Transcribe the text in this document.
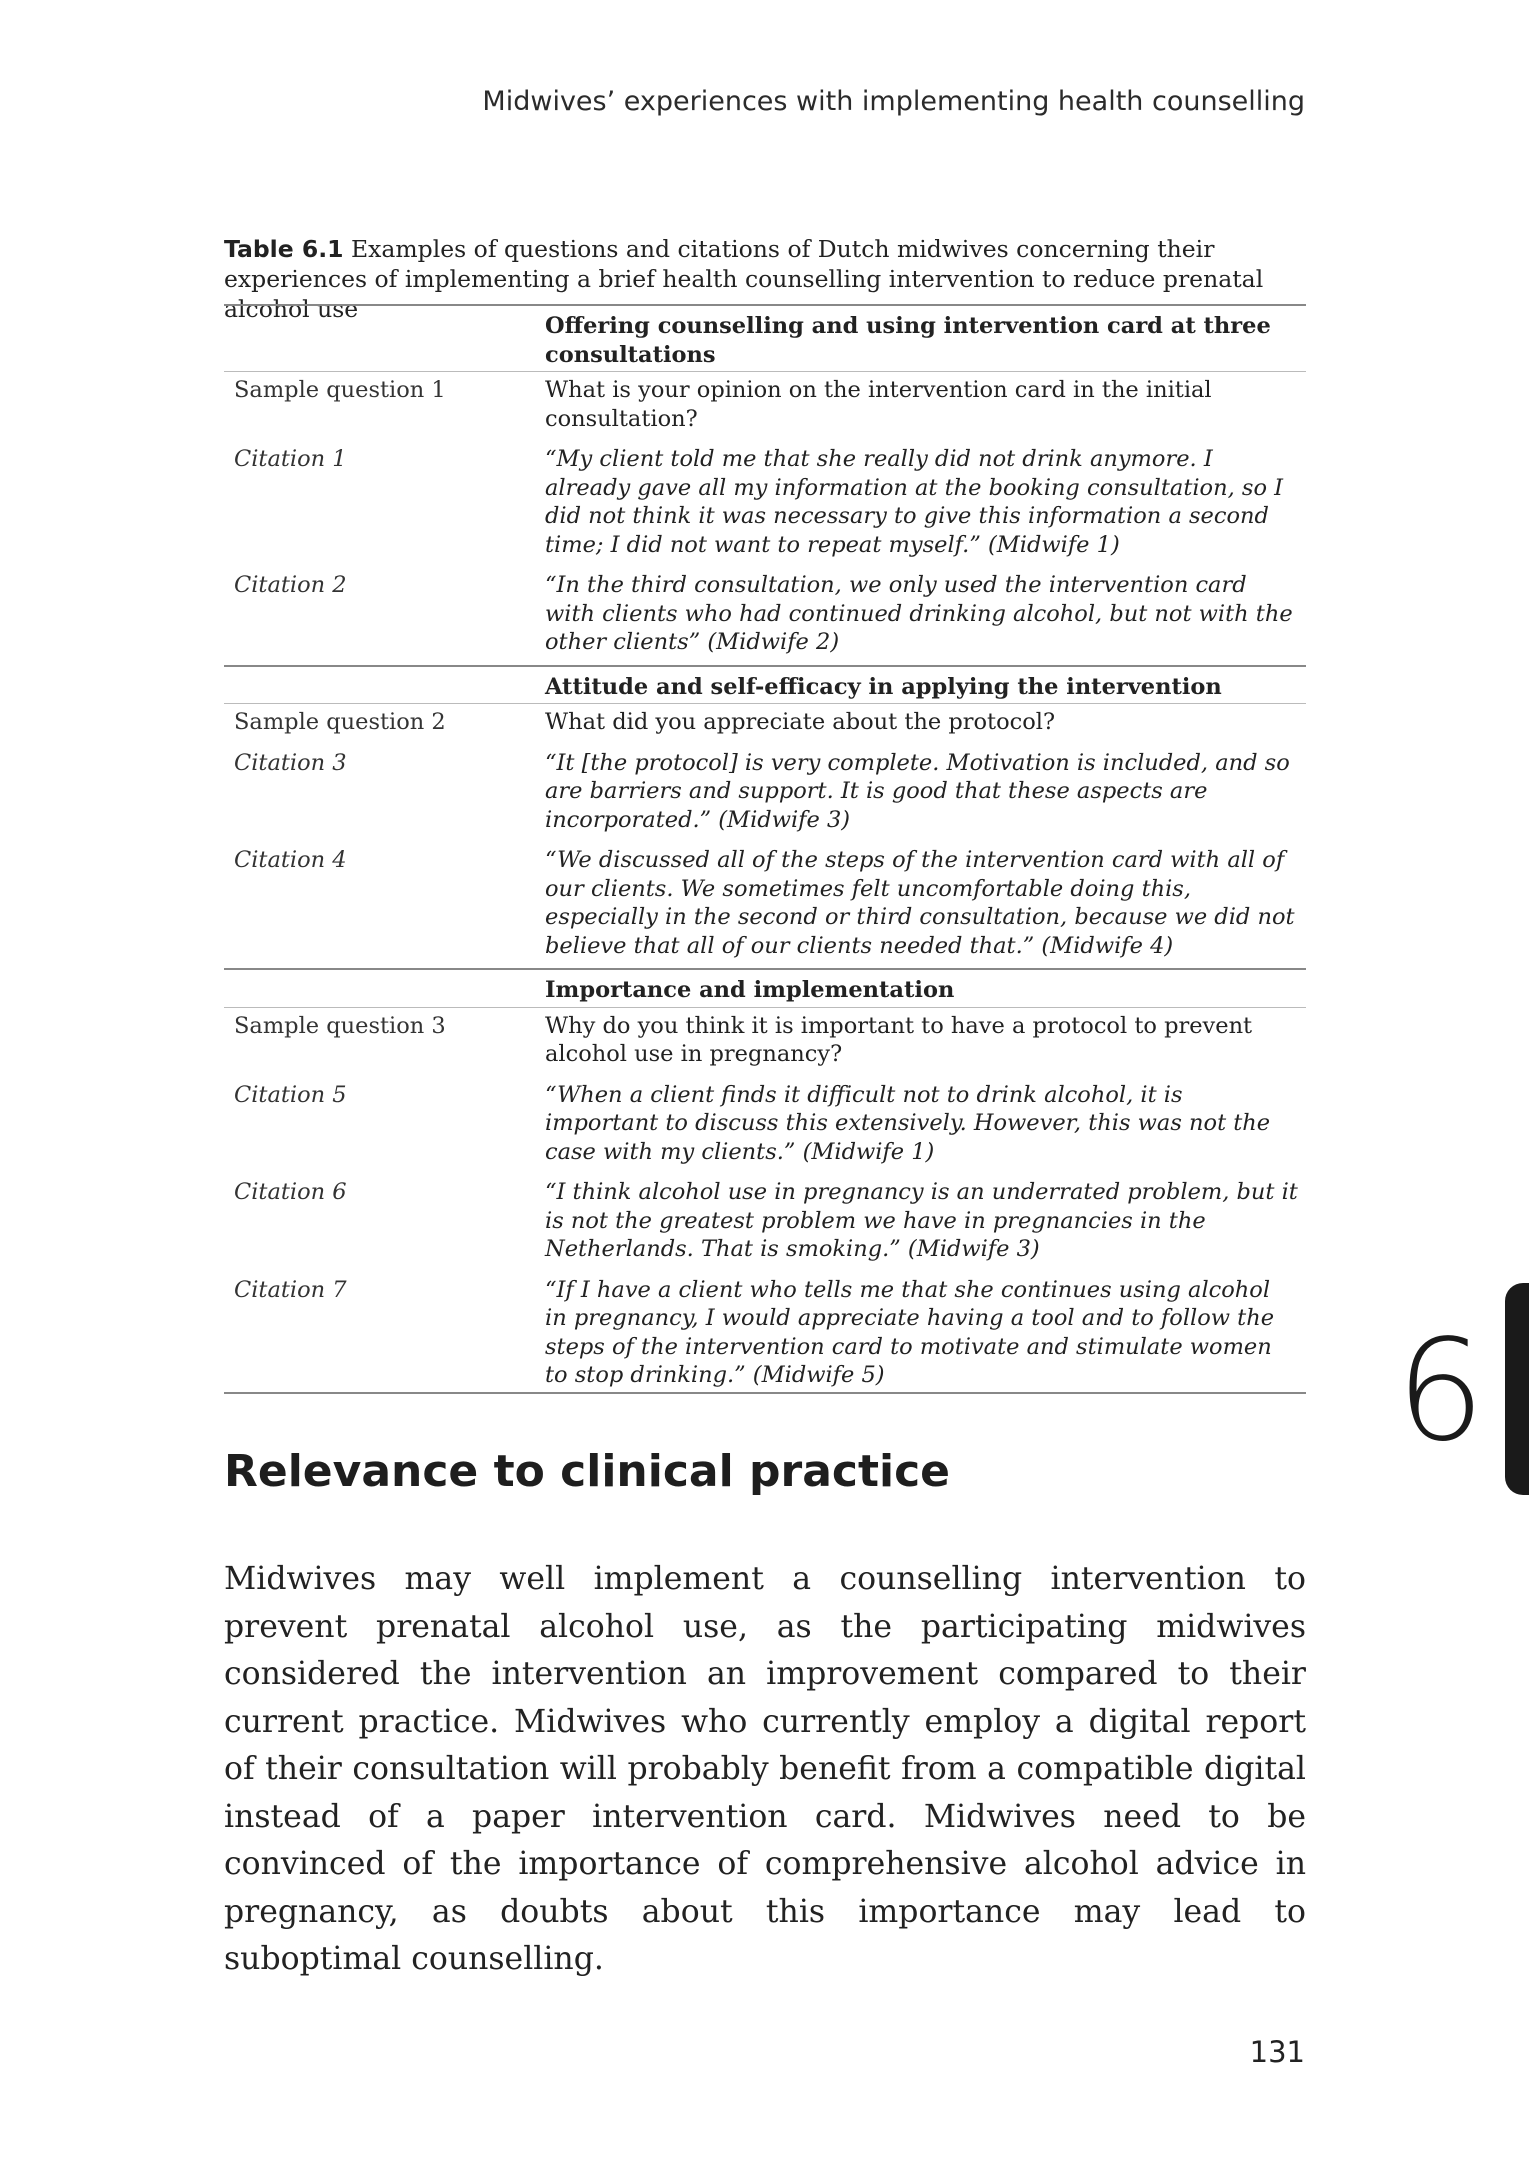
Midwives’ experiences with implementing health counselling
Table 6.1 Examples of questions and citations of Dutch midwives concerning their experiences of implementing a brief health counselling intervention to reduce prenatal alcohol use
	Offering counselling and using intervention card at three consultations
Sample question 1	What is your opinion on the intervention card in the initial consultation?
Citation 1	“My client told me that she really did not drink anymore. I already gave all my information at the booking consultation, so I did not think it was necessary to give this information a second time; I did not want to repeat myself.” (Midwife 1)
Citation 2	“In the third consultation, we only used the intervention card with clients who had continued drinking alcohol, but not with the other clients” (Midwife 2)
	Attitude and self-efficacy in applying the intervention
Sample question 2	What did you appreciate about the protocol?
Citation 3	“It [the protocol] is very complete. Motivation is included, and so are barriers and support. It is good that these aspects are incorporated.” (Midwife 3)
Citation 4	“We discussed all of the steps of the intervention card with all of our clients. We sometimes felt uncomfortable doing this, especially in the second or third consultation, because we did not believe that all of our clients needed that.” (Midwife 4)
	Importance and implementation
Sample question 3	Why do you think it is important to have a protocol to prevent alcohol use in pregnancy?
Citation 5	“When a client finds it difficult not to drink alcohol, it is important to discuss this extensively. However, this was not the case with my clients.” (Midwife 1)
Citation 6	“I think alcohol use in pregnancy is an underrated problem, but it is not the greatest problem we have in pregnancies in the Netherlands. That is smoking.” (Midwife 3)
Citation 7	“If I have a client who tells me that she continues using alcohol in pregnancy, I would appreciate having a tool and to follow the steps of the intervention card to motivate and stimulate women to stop drinking.” (Midwife 5)	6
Relevance to clinical practice
Midwives may well implement a counselling intervention to prevent prenatal alcohol use, as the participating midwives considered the intervention an improvement compared to their current practice. Midwives who currently employ a digital report of their consultation will probably benefit from a compatible digital instead of a paper intervention card. Midwives need to be convinced of the importance of comprehensive alcohol advice in pregnancy, as doubts about this importance may lead to suboptimal counselling.
131
